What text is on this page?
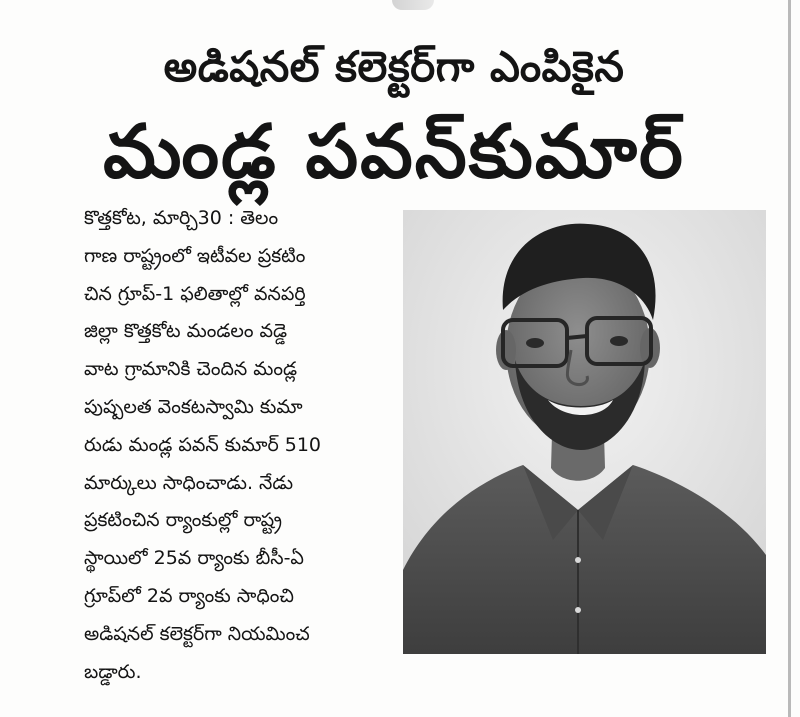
అడిషనల్ కలెక్టర్‌గా ఎంపికైన
మండ్ల పవన్‌కుమార్
కొత్తకోట, మార్చి30 : తెలం
గాణ రాష్ట్రంలో ఇటీవల ప్రకటిం
చిన గ్రూప్-1 ఫలితాల్లో వనపర్తి
జిల్లా కొత్తకోట మండలం వడ్డె
వాట గ్రామానికి చెందిన మండ్ల
పుష్పలత వెంకటస్వామి కుమా
రుడు మండ్ల పవన్ కుమార్ 510
మార్కులు సాధించాడు. నేడు
ప్రకటించిన ర్యాంకుల్లో రాష్ట్ర
స్థాయిలో 25వ ర్యాంకు బీసీ-ఏ
గ్రూప్‌లో 2వ ర్యాంకు సాధించి
అడిషనల్ కలెక్టర్‌గా నియమించ
బడ్డారు.
